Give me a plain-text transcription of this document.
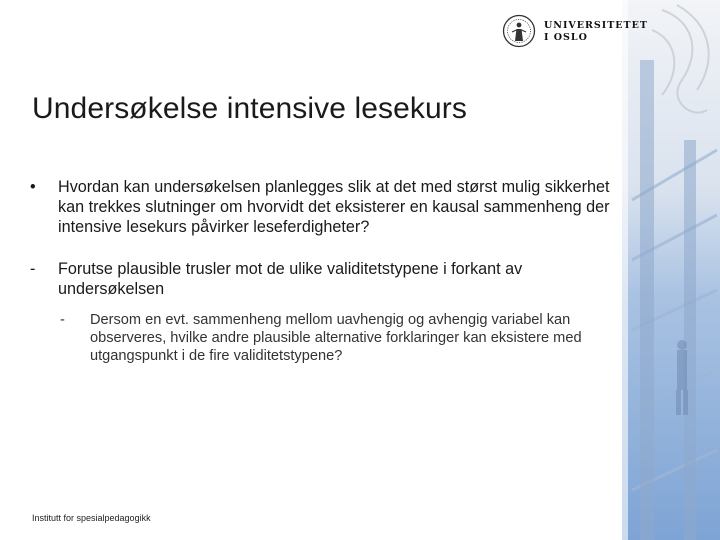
UNIVERSITETET
I OSLO
Undersøkelse intensive lesekurs
•	Hvordan kan undersøkelsen planlegges slik at det med størst mulig sikkerhet kan trekkes slutninger om hvorvidt det eksisterer en kausal sammenheng der intensive lesekurs påvirker leseferdigheter?
-	Forutse plausible trusler mot de ulike validitetstypene i forkant av undersøkelsen
- Dersom en evt. sammenheng mellom uavhengig og avhengig variabel kan observeres, hvilke andre plausible alternative forklaringer kan eksistere med utgangspunkt i de fire validitetstypene?
Institutt for spesialpedagogikk
